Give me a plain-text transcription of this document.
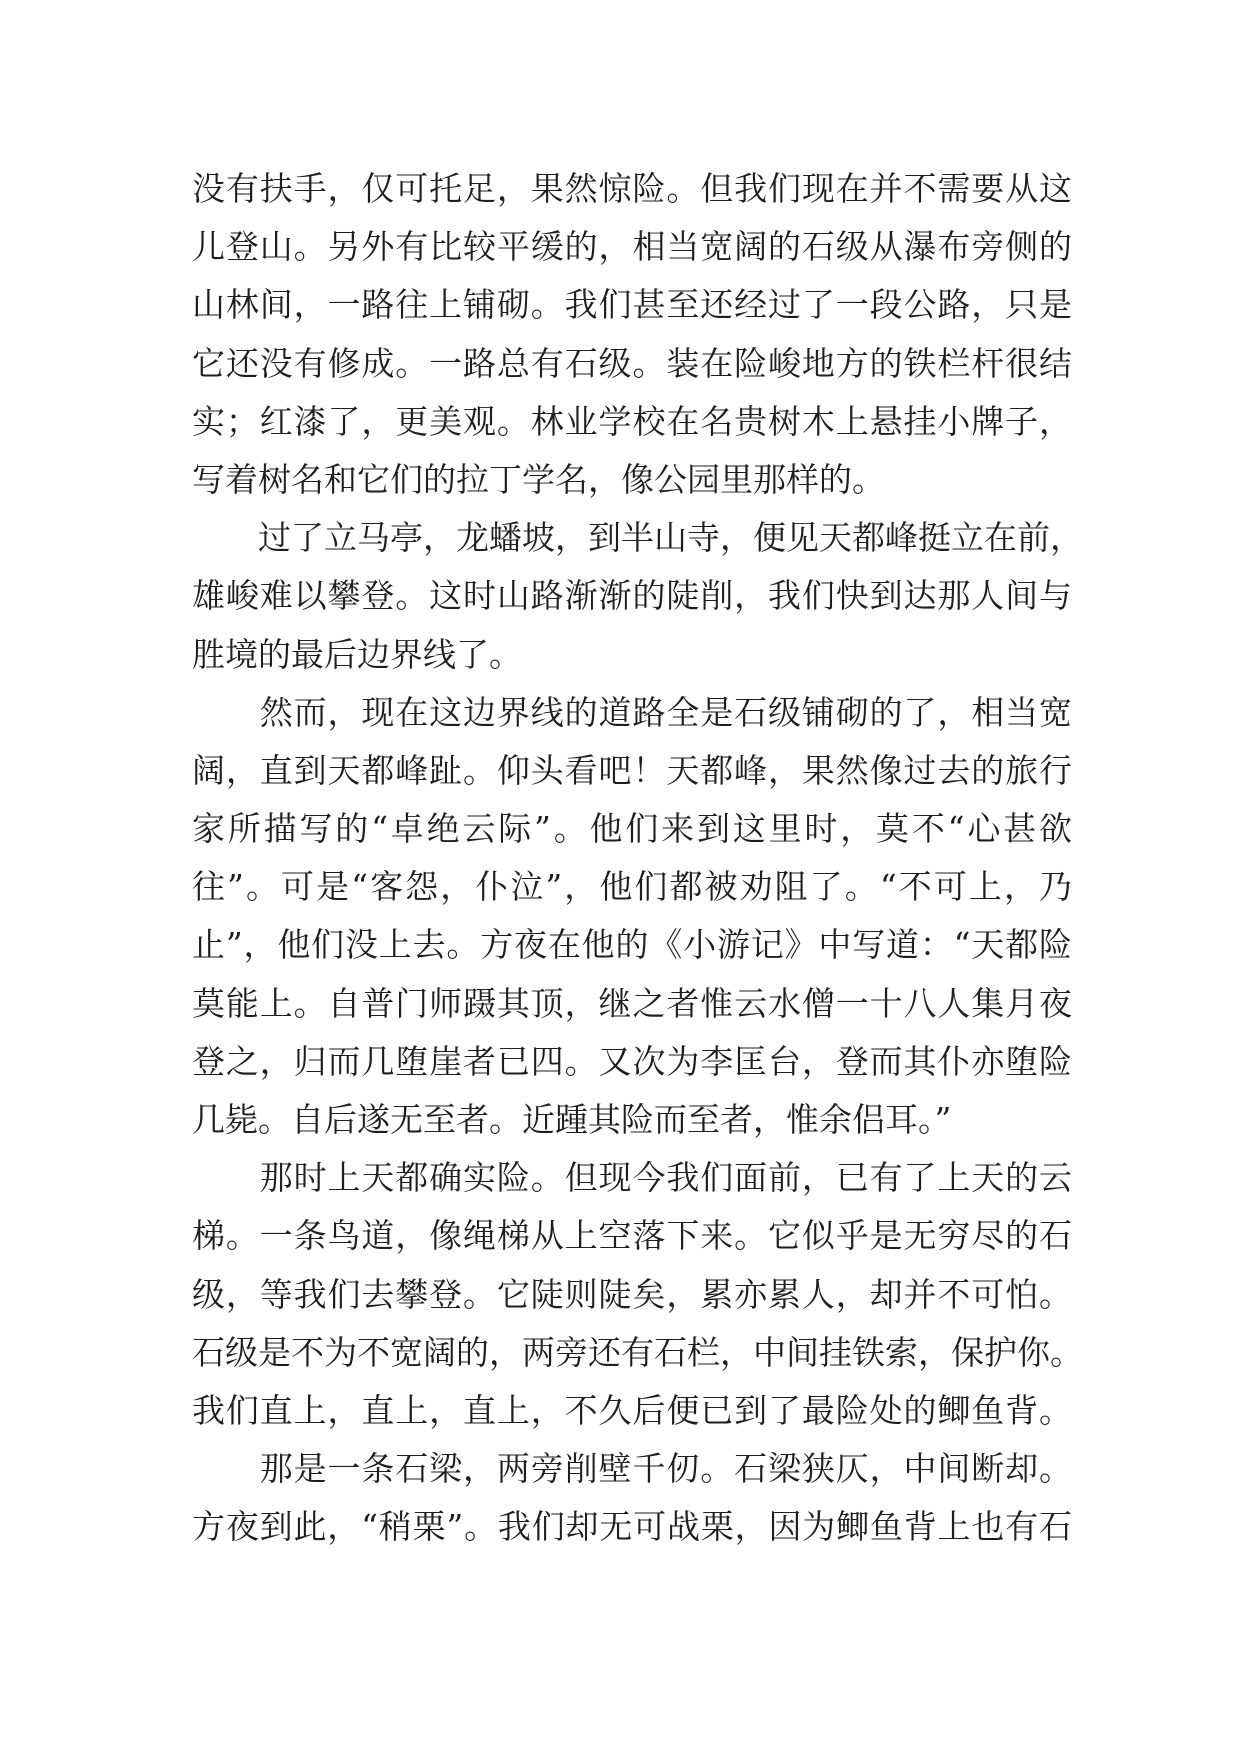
没有扶手，仅可托足，果然惊险。但我们现在并不需要从这
儿登山。另外有比较平缓的，相当宽阔的石级从瀑布旁侧的
山林间，一路往上铺砌。我们甚至还经过了一段公路，只是
它还没有修成。一路总有石级。装在险峻地方的铁栏杆很结
实；红漆了，更美观。林业学校在名贵树木上悬挂小牌子，
写着树名和它们的拉丁学名，像公园里那样的。
　　过了立马亭，龙蟠坡，到半山寺，便见天都峰挺立在前，
雄峻难以攀登。这时山路渐渐的陡削，我们快到达那人间与
胜境的最后边界线了。
　　然而，现在这边界线的道路全是石级铺砌的了，相当宽
阔，直到天都峰趾。仰头看吧！天都峰，果然像过去的旅行
家所描写的“卓绝云际”。他们来到这里时，莫不“心甚欲
往”。可是“客怨，仆泣”，他们都被劝阻了。“不可上，乃
止”，他们没上去。方夜在他的《小游记》中写道：“天都险
莫能上。自普门师蹑其顶，继之者惟云水僧一十八人集月夜
登之，归而几堕崖者已四。又次为李匡台，登而其仆亦堕险
几毙。自后遂无至者。近踵其险而至者，惟余侣耳。”
　　那时上天都确实险。但现今我们面前，已有了上天的云
梯。一条鸟道，像绳梯从上空落下来。它似乎是无穷尽的石
级，等我们去攀登。它陡则陡矣，累亦累人，却并不可怕。
石级是不为不宽阔的，两旁还有石栏，中间挂铁索，保护你。
我们直上，直上，直上，不久后便已到了最险处的鲫鱼背。
　　那是一条石梁，两旁削壁千仞。石梁狭仄，中间断却。
方夜到此，“稍栗”。我们却无可战栗，因为鲫鱼背上也有石
